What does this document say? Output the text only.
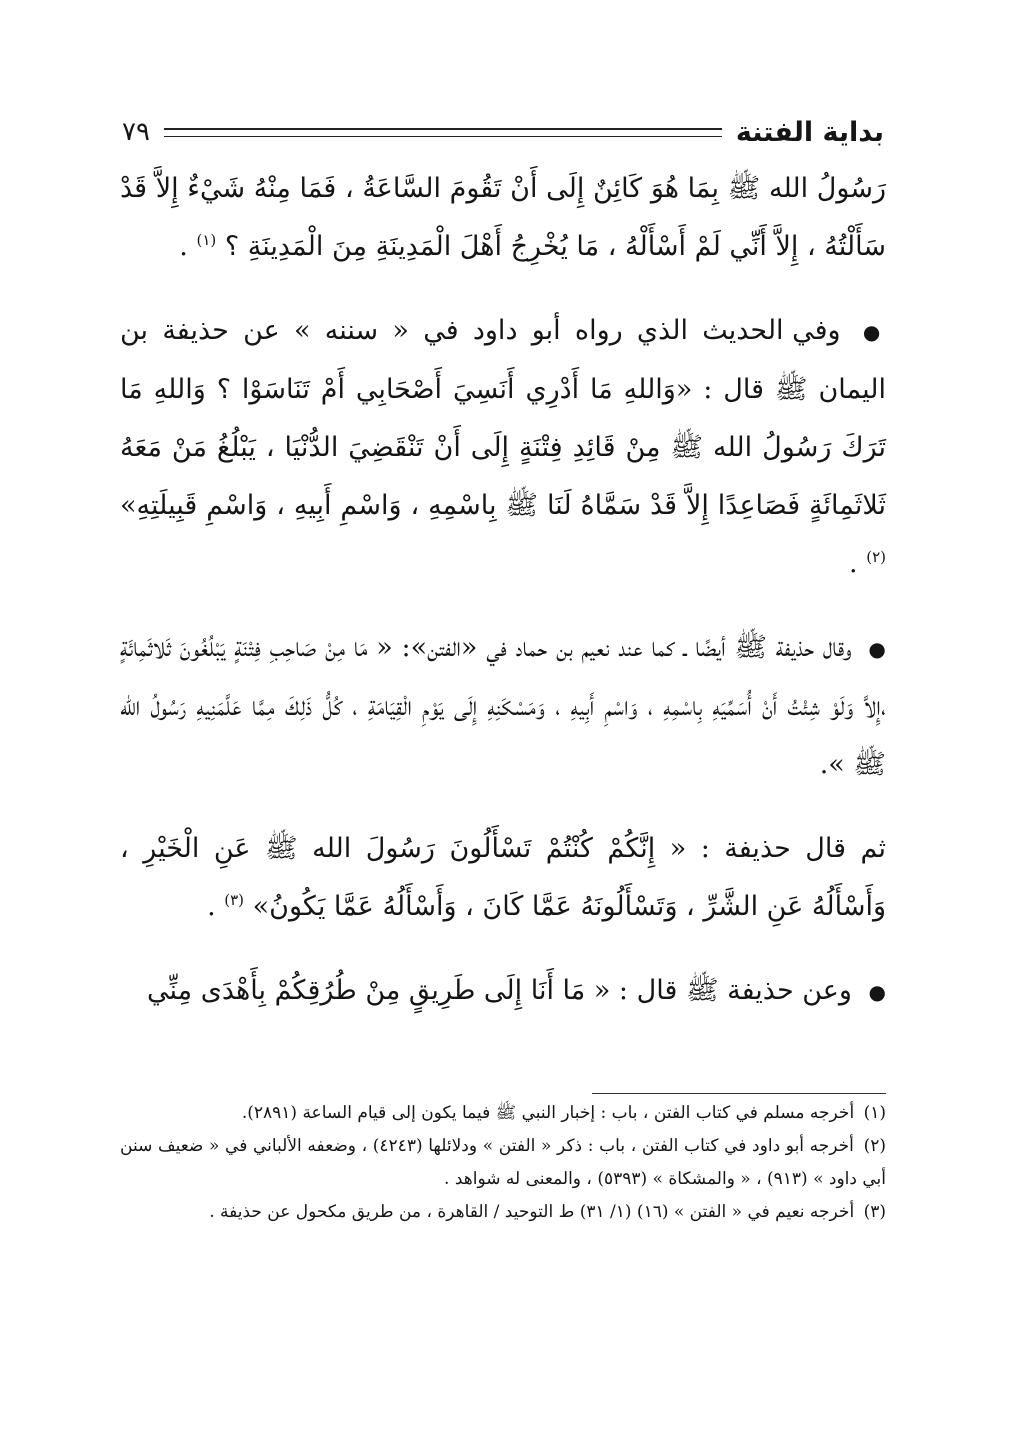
بداية الفتنة
٧٩

رَسُولُ الله ﷺ بِمَا هُوَ كَائِنٌ إِلَى أَنْ تَقُومَ السَّاعَةُ ، فَمَا مِنْهُ شَيْءٌ إِلاَّ قَدْ سَأَلْتُهُ ، إِلاَّ أَنِّي لَمْ أَسْأَلْهُ ، مَا يُخْرِجُ أَهْلَ الْمَدِينَةِ مِنَ الْمَدِينَةِ ؟ $^{(١)}$ .

● وفي الحديث الذي رواه أبو داود في « سننه » عن حذيفة بن اليمان ﷺ قال : «وَاللهِ مَا أَدْرِي أَنَسِيَ أَصْحَابِي أَمْ تَنَاسَوْا ؟ وَاللهِ مَا تَرَكَ رَسُولُ الله ﷺ مِنْ قَائِدِ فِتْنَةٍ إِلَى أَنْ تَنْقَضِيَ الدُّنْيَا ، يَبْلُغُ مَنْ مَعَهُ ثَلاثَمِائَةٍ فَصَاعِدًا إِلاَّ قَدْ سَمَّاهُ لَنَا ﷺ بِاسْمِهِ ، وَاسْمِ أَبِيهِ ، وَاسْمِ قَبِيلَتِهِ» $^{(٢)}$ .

● وقال حذيفة ﷺ أيضًا ـ كما عند نعيم بن حماد في «الفتن»: « مَا مِنْ صَاحِبِ فِتْنَةٍ يَبْلُغُونَ ثَلاثَمِائَةٍ ،إِلاَّ وَلَوْ شِئْتُ أَنْ أُسَمِّيَهِ بِاسْمِهِ ، وَاسْمِ أَبِيهِ ، وَمَسْكَنِهِ إِلَى يَوْمِ الْقِيَامَةِ ، كُلُّ ذَلِكَ مِمَّا عَلَّمَنِيهِ رَسُولُ الله ﷺ ».

ثم قال حذيفة : « إِنَّكُمْ كُنْتُمْ تَسْأَلُونَ رَسُولَ الله ﷺ عَنِ الْخَيْرِ ، وَأَسْأَلُهُ عَنِ الشَّرِّ ، وَتَسْأَلُونَهُ عَمَّا كَانَ ، وَأَسْأَلُهُ عَمَّا يَكُونُ» $^{(٣)}$ .

● وعن حذيفة ﷺ قال : « مَا أَنَا إِلَى طَرِيقٍ مِنْ طُرُقِكُمْ بِأَهْدَى مِنِّي

(١) أخرجه مسلم في كتاب الفتن ، باب : إخبار النبي ﷺ فيما يكون إلى قيام الساعة (٢٨٩١).

(٢) أخرجه أبو داود في كتاب الفتن ، باب : ذكر « الفتن » ودلائلها (٤٢٤٣) ، وضعفه الألباني في « ضعيف سنن أبي داود » (٩١٣) ، « والمشكاة » (٥٣٩٣) ، والمعنى له شواهد .

(٣) أخرجه نعيم في « الفتن » (١٦) (١/ ٣١) ط التوحيد / القاهرة ، من طريق مكحول عن حذيفة .
